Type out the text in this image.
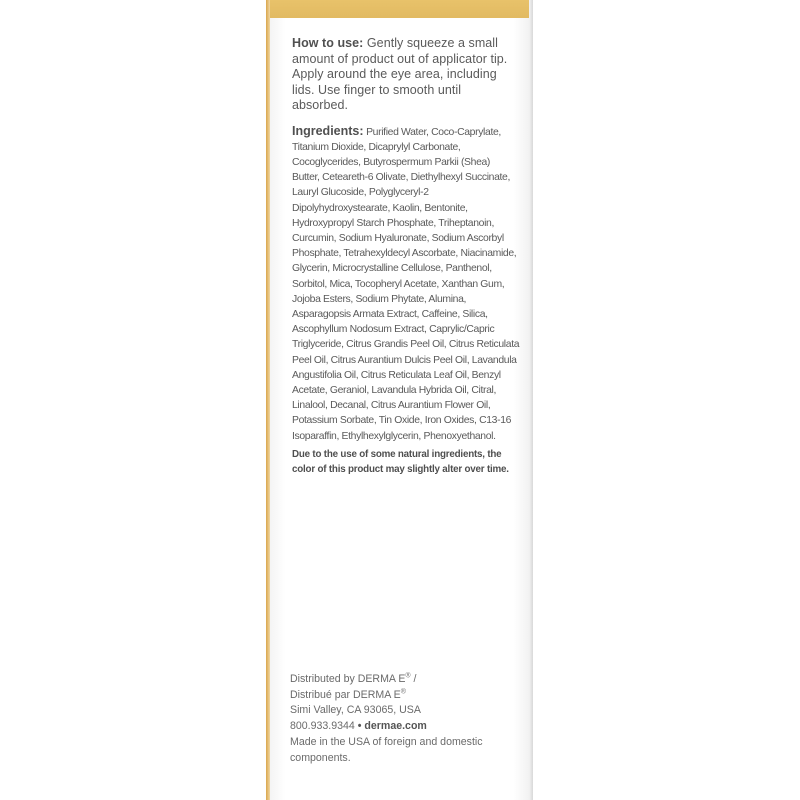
How to use: Gently squeeze a small amount of product out of applicator tip. Apply around the eye area, including lids. Use finger to smooth until absorbed.

Ingredients: Purified Water, Coco-Caprylate, Titanium Dioxide, Dicaprylyl Carbonate, Cocoglycerides, Butyrospermum Parkii (Shea) Butter, Ceteareth-6 Olivate, Diethylhexyl Succinate, Lauryl Glucoside, Polyglyceryl-2 Dipolyhydroxystearate, Kaolin, Bentonite, Hydroxypropyl Starch Phosphate, Triheptanoin, Curcumin, Sodium Hyaluronate, Sodium Ascorbyl Phosphate, Tetrahexyldecyl Ascorbate, Niacinamide, Glycerin, Microcrystalline Cellulose, Panthenol, Sorbitol, Mica, Tocopheryl Acetate, Xanthan Gum, Jojoba Esters, Sodium Phytate, Alumina, Asparagopsis Armata Extract, Caffeine, Silica, Ascophyllum Nodosum Extract, Caprylic/Capric Triglyceride, Citrus Grandis Peel Oil, Citrus Reticulata Peel Oil, Citrus Aurantium Dulcis Peel Oil, Lavandula Angustifolia Oil, Citrus Reticulata Leaf Oil, Benzyl Acetate, Geraniol, Lavandula Hybrida Oil, Citral, Linalool, Decanal, Citrus Aurantium Flower Oil, Potassium Sorbate, Tin Oxide, Iron Oxides, C13-16 Isoparaffin, Ethylhexylglycerin, Phenoxyethanol.

Due to the use of some natural ingredients, the color of this product may slightly alter over time.

Distributed by DERMA E® /
Distribué par DERMA E®
Simi Valley, CA 93065, USA
800.933.9344 • dermae.com
Made in the USA of foreign and domestic components.
